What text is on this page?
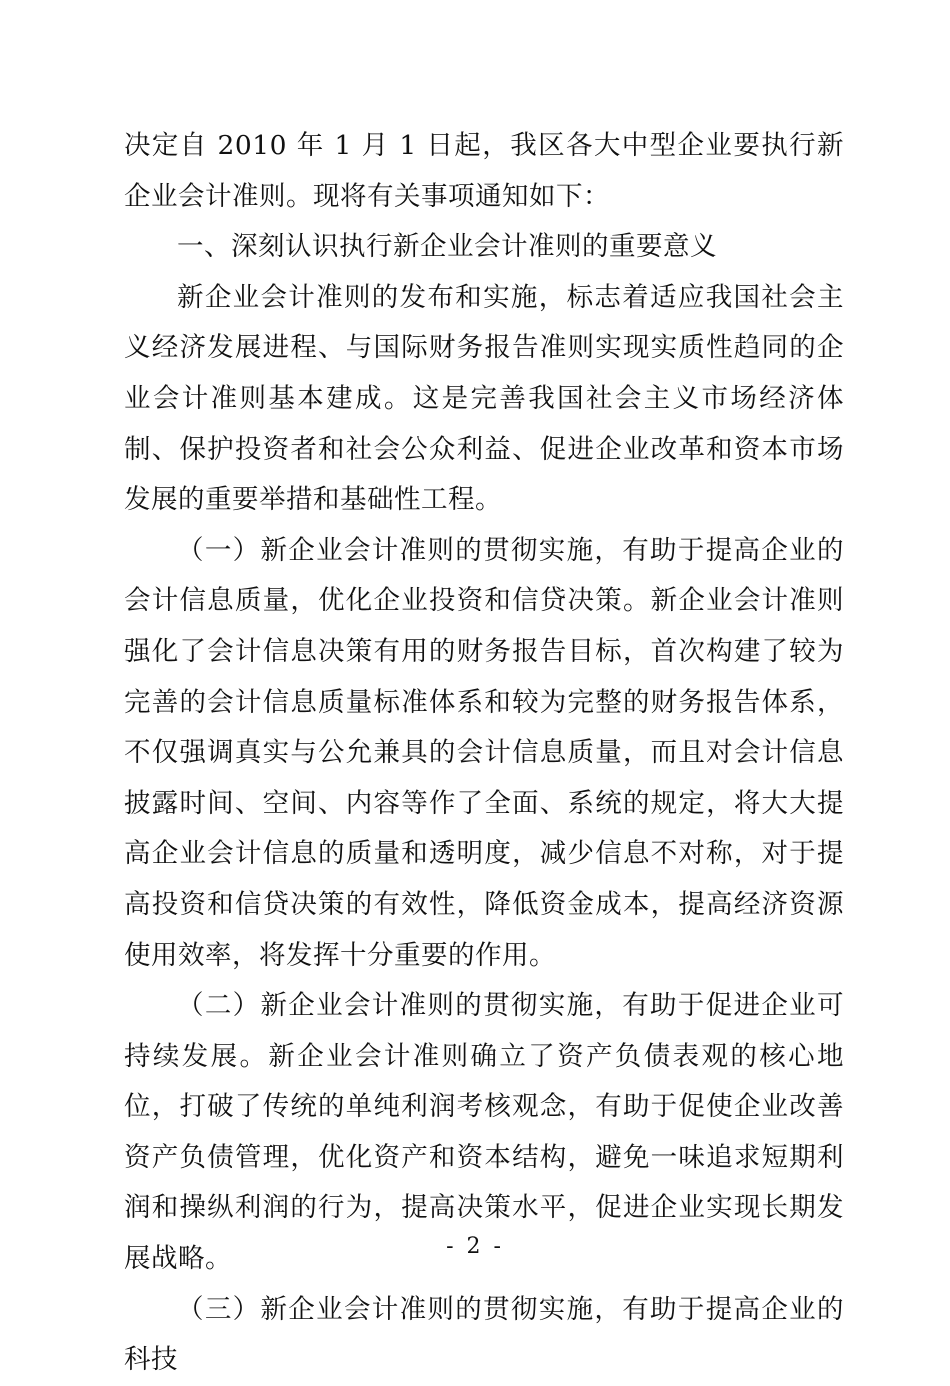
决定自 2010 年 1 月 1 日起，我区各大中型企业要执行新企业会计准则。现将有关事项通知如下：

一、深刻认识执行新企业会计准则的重要意义

新企业会计准则的发布和实施，标志着适应我国社会主义经济发展进程、与国际财务报告准则实现实质性趋同的企业会计准则基本建成。这是完善我国社会主义市场经济体制、保护投资者和社会公众利益、促进企业改革和资本市场发展的重要举措和基础性工程。

（一）新企业会计准则的贯彻实施，有助于提高企业的会计信息质量，优化企业投资和信贷决策。新企业会计准则强化了会计信息决策有用的财务报告目标，首次构建了较为完善的会计信息质量标准体系和较为完整的财务报告体系，不仅强调真实与公允兼具的会计信息质量，而且对会计信息披露时间、空间、内容等作了全面、系统的规定，将大大提高企业会计信息的质量和透明度，减少信息不对称，对于提高投资和信贷决策的有效性，降低资金成本，提高经济资源使用效率，将发挥十分重要的作用。

（二）新企业会计准则的贯彻实施，有助于促进企业可持续发展。新企业会计准则确立了资产负债表观的核心地位，打破了传统的单纯利润考核观念，有助于促使企业改善资产负债管理，优化资产和资本结构，避免一味追求短期利润和操纵利润的行为，提高决策水平，促进企业实现长期发展战略。

（三）新企业会计准则的贯彻实施，有助于提高企业的科技

- 2 -
